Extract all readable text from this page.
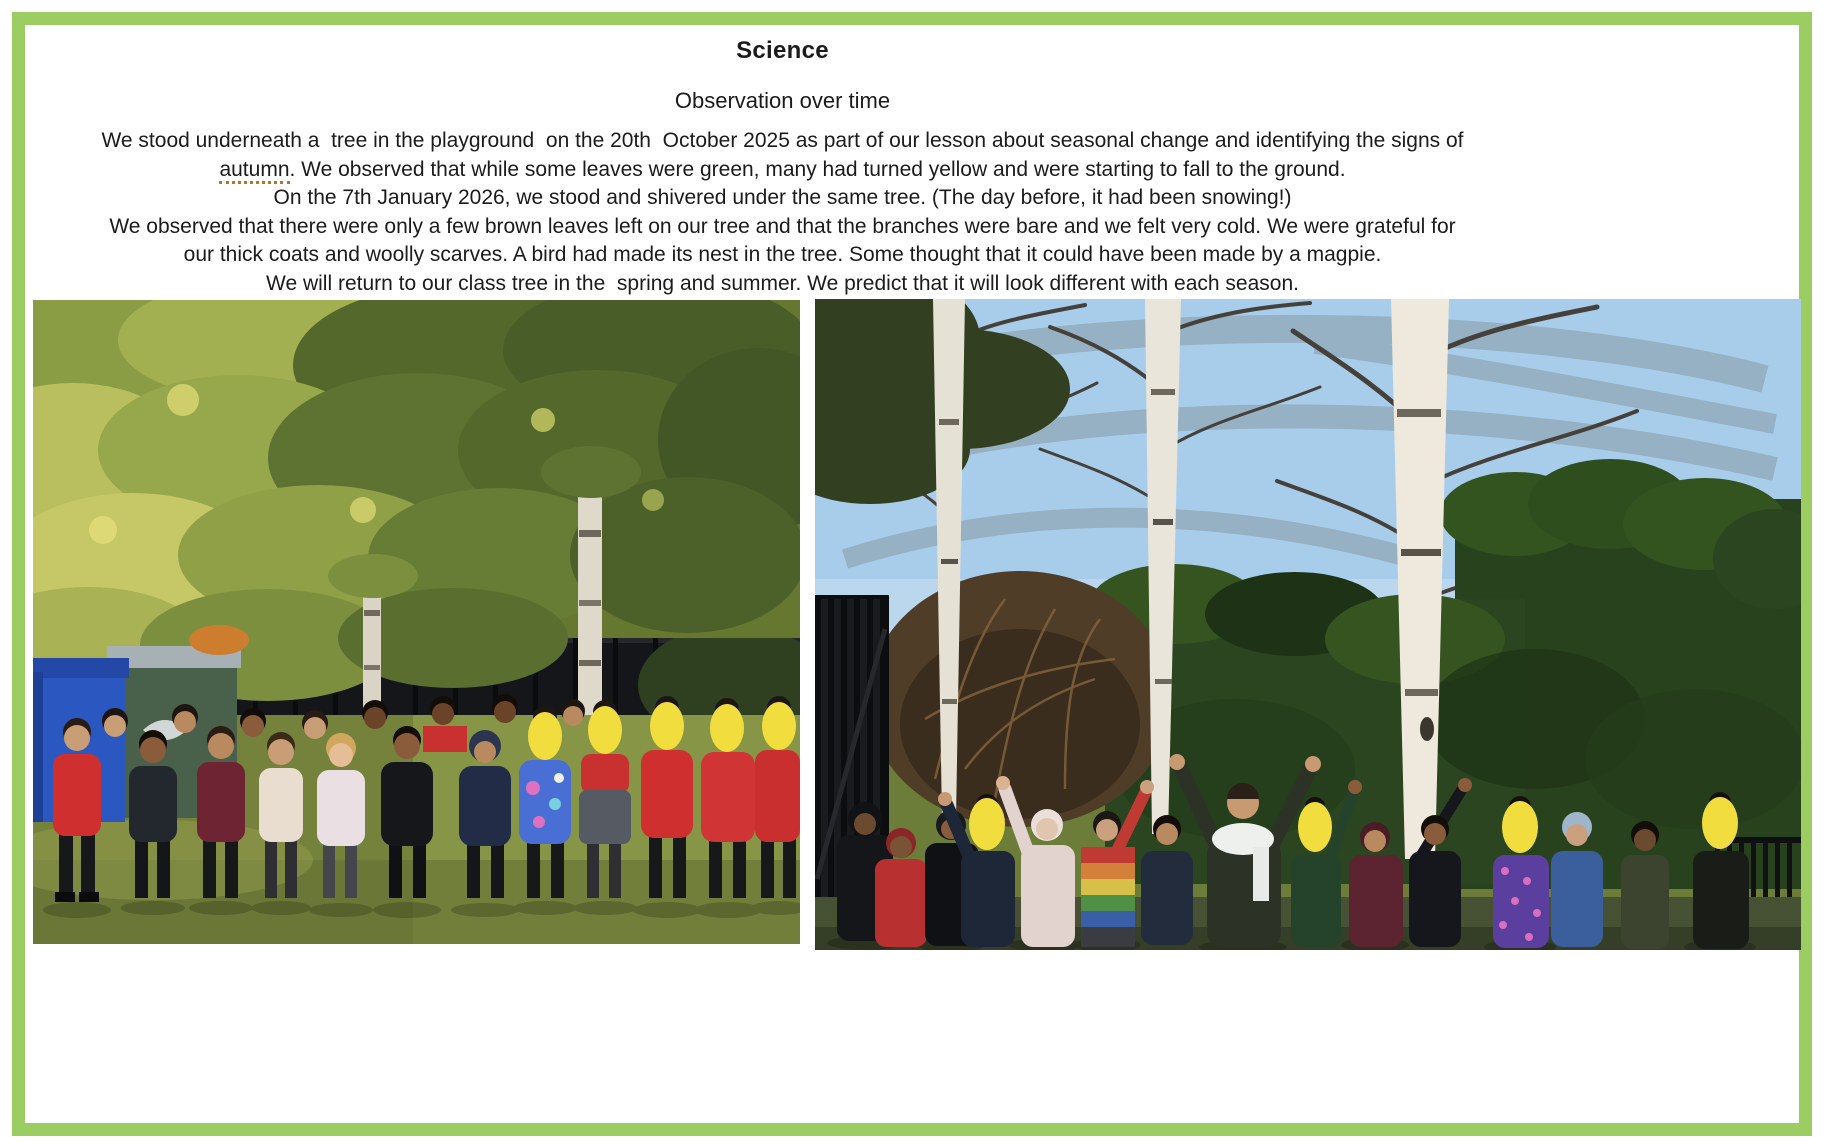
Science
Observation over time
We stood underneath a  tree in the playground  on the 20th  October 2025 as part of our lesson about seasonal change and identifying the signs of
autumn. We observed that while some leaves were green, many had turned yellow and were starting to fall to the ground.
On the 7th January 2026, we stood and shivered under the same tree. (The day before, it had been snowing!)
We observed that there were only a few brown leaves left on our tree and that the branches were bare and we felt very cold. We were grateful for
our thick coats and woolly scarves. A bird had made its nest in the tree. Some thought that it could have been made by a magpie.
We will return to our class tree in the  spring and summer. We predict that it will look different with each season.
